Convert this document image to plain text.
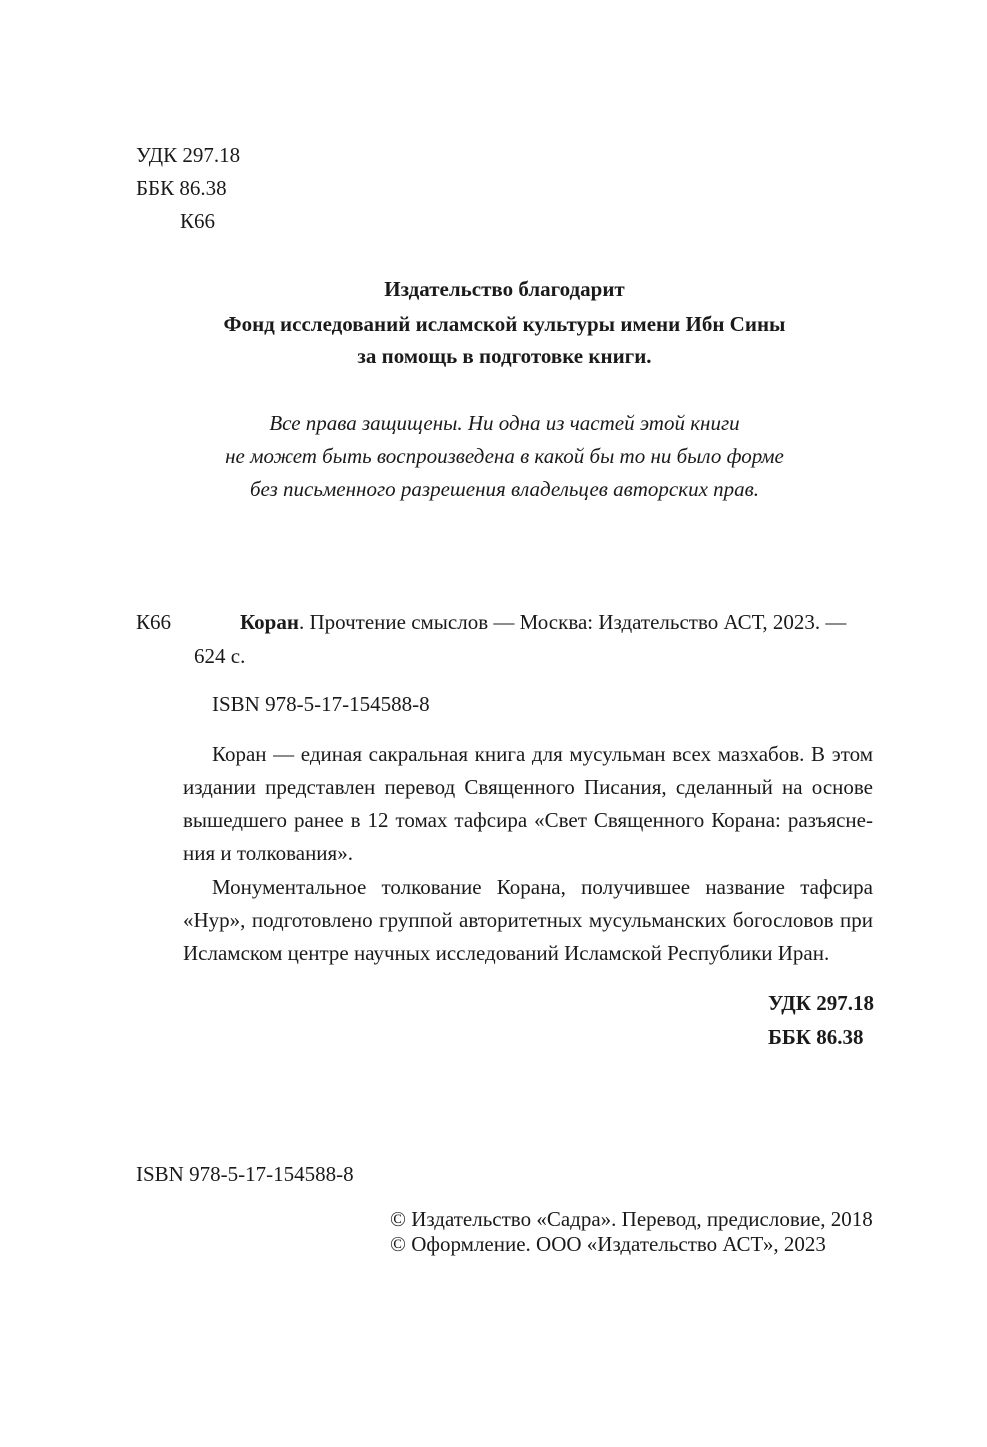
УДК 297.18
ББК 86.38
К66
Издательство благодарит
Фонд исследований исламской культуры имени Ибн Сины
за помощь в подготовке книги.
Все права защищены. Ни одна из частей этой книги
не может быть воспроизведена в какой бы то ни было форме
без письменного разрешения владельцев авторских прав.
К66	Коран. Прочтение смыслов — Москва: Издательство АСТ, 2023. —
624 с.
ISBN 978-5-17-154588-8
Коран — единая сакральная книга для мусульман всех мазхабов. В этом
издании представлен перевод Священного Писания, сделанный на основе
вышедшего ранее в 12 томах тафсира «Свет Священного Корана: разъясне-
ния и толкования».
Монументальное толкование Корана, получившее название тафсира
«Нур», подготовлено группой авторитетных мусульманских богословов при
Исламском центре научных исследований Исламской Республики Иран.
УДК 297.18
ББК 86.38
ISBN 978-5-17-154588-8
© Издательство «Садра». Перевод, предисловие, 2018
© Оформление. ООО «Издательство АСТ», 2023
